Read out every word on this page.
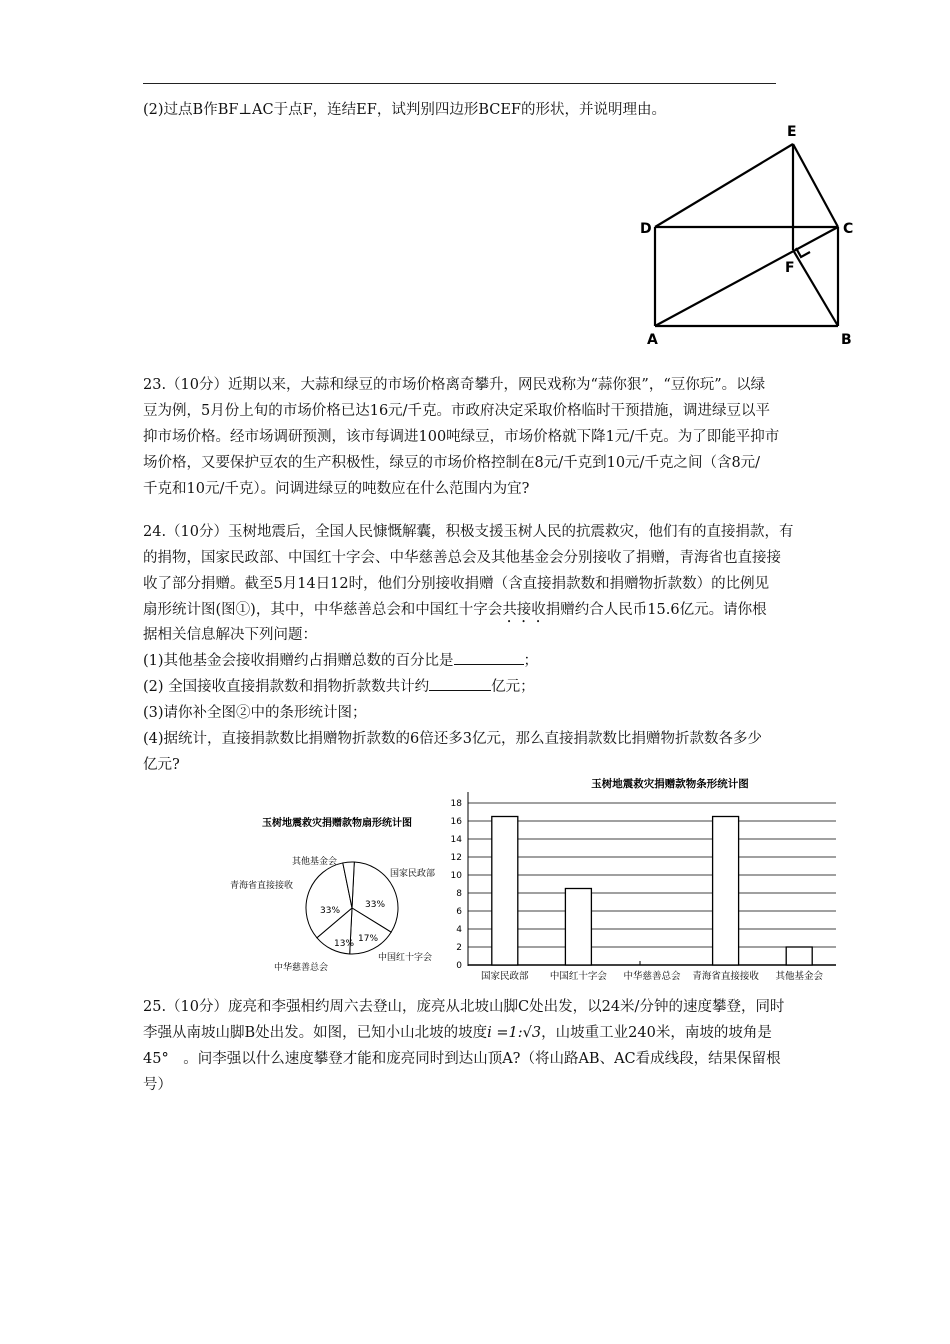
(2)过点B作BF⊥AC于点F，连结EF，试判别四边形BCEF的形状，并说明理由。
E
D	C
F
A	B
23.（10分）近期以来，大蒜和绿豆的市场价格离奇攀升，网民戏称为“蒜你狠”，“豆你玩”。以绿
豆为例，5月份上旬的市场价格已达16元/千克。市政府决定采取价格临时干预措施，调进绿豆以平
抑市场价格。经市场调研预测，该市每调进100吨绿豆，市场价格就下降1元/千克。为了即能平抑市
场价格，又要保护豆农的生产积极性，绿豆的市场价格控制在8元/千克到10元/千克之间（含8元/
千克和10元/千克）。问调进绿豆的吨数应在什么范围内为宜?
24.（10分）玉树地震后，全国人民慷慨解囊，积极支援玉树人民的抗震救灾，他们有的直接捐款，有
的捐物，国家民政部、中国红十字会、中华慈善总会及其他基金会分别接收了捐赠，青海省也直接接
收了部分捐赠。截至5月14日12时，他们分别接收捐赠（含直接捐款数和捐赠物折款数）的比例见
扇形统计图(图①)，其中，中华慈善总会和中国红十字会共接收捐赠约合人民币15.6亿元。请你根
据相关信息解决下列问题：
(1)其他基金会接收捐赠约占捐赠总数的百分比是	；
(2) 全国接收直接捐款数和捐物折款数共计约	亿元；
(3)请你补全图②中的条形统计图；
(4)据统计，直接捐款数比捐赠物折款数的6倍还多3亿元，那么直接捐款数比捐赠物折款数各多少
亿元?
玉树地震救灾捐赠款物扇形统计图
其他基金会
青海省直接接收
国家民政部
中华慈善总会
中国红十字会
33%
33%
13% 17%
玉树地震救灾捐赠款物条形统计图
0
2
4
6
8
10
12
14
16
18
国家民政部 中国红十字会 中华慈善总会 青海省直接接收 其他基金会
25.（10分）庞亮和李强相约周六去登山，庞亮从北坡山脚C处出发，以24米/分钟的速度攀登，同时
李强从南坡山脚B处出发。如图，已知小山北坡的坡度i =1:√3，山坡重工业240米，南坡的坡角是
45°　。问李强以什么速度攀登才能和庞亮同时到达山顶A?（将山路AB、AC看成线段，结果保留根
号）
